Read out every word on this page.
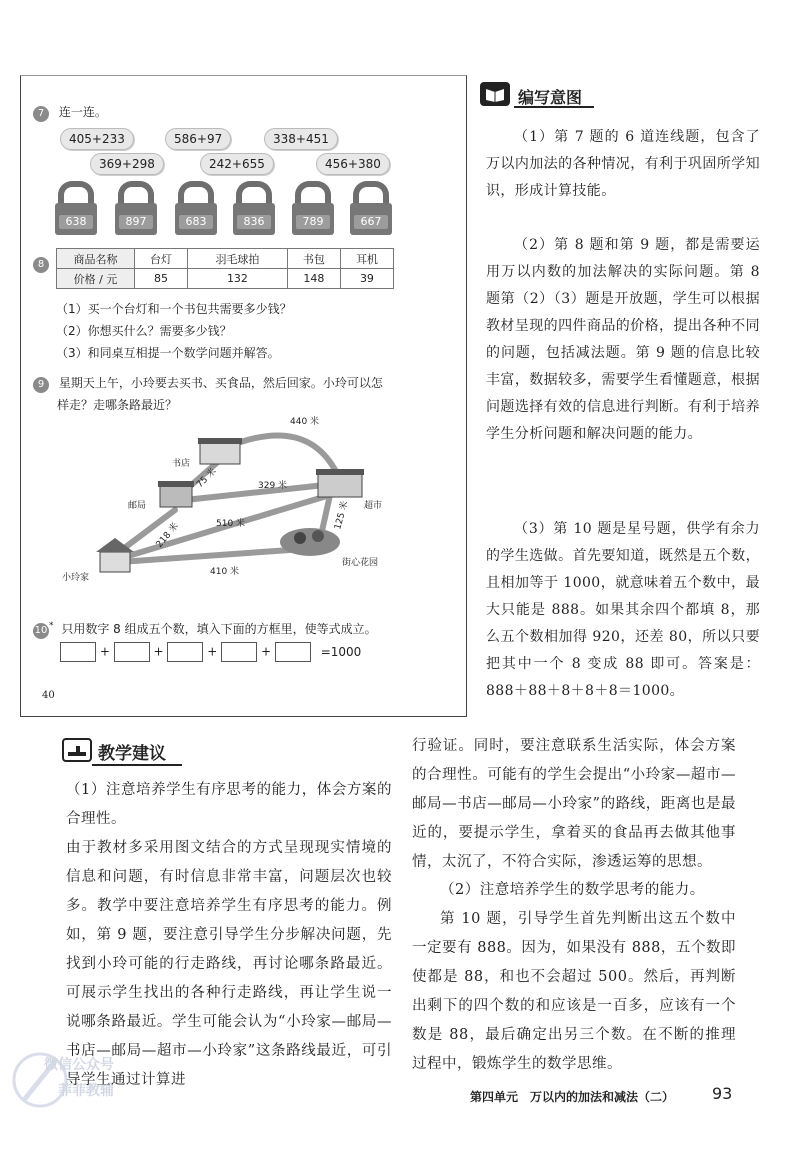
7 连一连。
405+233	586+97	338+451
369+298	242+655	456+380
638	897	683	836	789	667
8	商品名称	台灯	羽毛球拍	书包	耳机
价格 / 元	85	132	148	39
（1）买一个台灯和一个书包共需要多少钱？
（2）你想买什么？需要多少钱？
（3）和同桌互相提一个数学问题并解答。
9 星期天上午，小玲要去买书、买食品，然后回家。小玲可以怎
样走？走哪条路最近？
书店
邮局	超市
小玲家
街心花园
440 米
75 米	329 米
510 米
218 米
125 米
410 米
10 * 只用数字 8 组成五个数，填入下面的方框里，使等式成立。
+	+	+	+	=1000
40
编写意图
（1）第 7 题的 6 道连线题，包含了万以内加法的各种情况，有利于巩固所学知识，形成计算技能。
（2）第 8 题和第 9 题，都是需要运用万以内数的加法解决的实际问题。第 8 题第（2）（3）题是开放题，学生可以根据教材呈现的四件商品的价格，提出各种不同的问题，包括减法题。第 9 题的信息比较丰富，数据较多，需要学生看懂题意，根据问题选择有效的信息进行判断。有利于培养学生分析问题和解决问题的能力。
（3）第 10 题是星号题，供学有余力的学生选做。首先要知道，既然是五个数，且相加等于 1000，就意味着五个数中，最大只能是 888。如果其余四个都填 8，那么五个数相加得 920，还差 80，所以只要把其中一个 8 变成 88 即可。答案是：888＋88＋8＋8＋8＝1000。
教学建议
（1）注意培养学生有序思考的能力，体会方案的合理性。
由于教材多采用图文结合的方式呈现现实情境的信息和问题，有时信息非常丰富，问题层次也较多。教学中要注意培养学生有序思考的能力。例如，第 9 题，要注意引导学生分步解决问题，先找到小玲可能的行走路线，再讨论哪条路最近。可展示学生找出的各种行走路线，再让学生说一说哪条路最近。学生可能会认为“小玲家—邮局—书店—邮局—超市—小玲家”这条路线最近，可引导学生通过计算进
行验证。同时，要注意联系生活实际，体会方案的合理性。可能有的学生会提出“小玲家—超市—邮局—书店—邮局—小玲家”的路线，距离也是最近的，要提示学生，拿着买的食品再去做其他事情，太沉了，不符合实际，渗透运筹的思想。
（2）注意培养学生的数学思考的能力。
第 10 题，引导学生首先判断出这五个数中一定要有 888。因为，如果没有 888，五个数即使都是 88，和也不会超过 500。然后，再判断出剩下的四个数的和应该是一百多，应该有一个数是 88，最后确定出另三个数。在不断的推理过程中，锻炼学生的数学思维。
第四单元　万以内的加法和减法（二） 93
微信公众号
菲菲教辅
